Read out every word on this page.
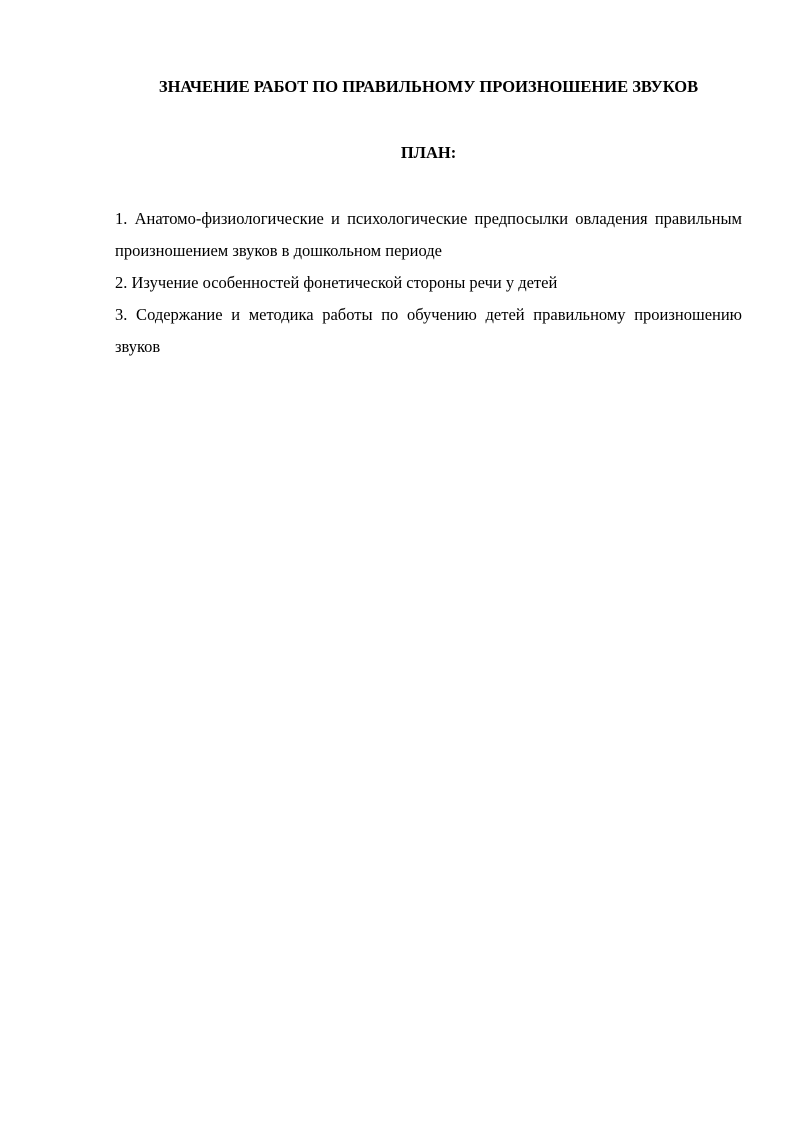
ЗНАЧЕНИЕ РАБОТ ПО ПРАВИЛЬНОМУ ПРОИЗНОШЕНИЕ ЗВУКОВ
ПЛАН:
1. Анатомо-физиологические и психологические предпосылки овладения правильным произношением звуков в дошкольном периоде
2. Изучение особенностей фонетической стороны речи у детей
3. Содержание и методика работы по обучению детей правильному произношению звуков
